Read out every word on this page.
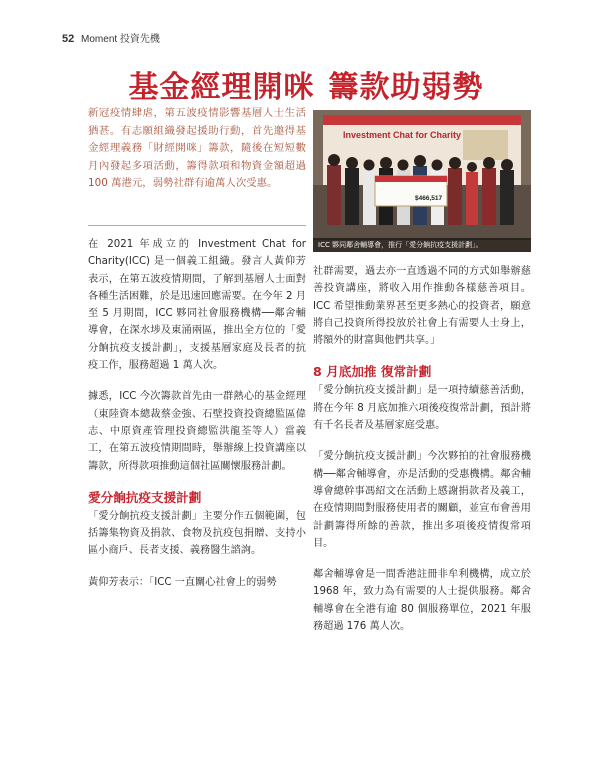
52 Moment 投資先機
基金經理開咪 籌款助弱勢

新冠疫情肆虐，第五波疫情影響基層人士生活猶甚。有志願組織發起援助行動，首先邀得基金經理義務「財經開咪」籌款，隨後在短短數月內發起多項活動，籌得款項和物資金額超過 100 萬港元，弱勢社群有逾萬人次受惠。

Investment Chat for Charity
$466,517
ICC 夥同鄰舍輔導會，推行「愛分餉抗疫支援計劃」。

在 2021 年成立的 Investment Chat for Charity(ICC) 是一個義工組織。發言人黃仰芳表示，在第五波疫情期間，了解到基層人士面對各種生活困難，於是迅速回應需要。在今年 2 月至 5 月期間，ICC 夥同社會服務機構──鄰舍輔導會，在深水埗及東涌兩區，推出全方位的「愛分餉抗疫支援計劃」，支援基層家庭及長者的抗疫工作，服務超過 1 萬人次。

據悉，ICC 今次籌款首先由一群熱心的基金經理（東陸資本總裁蔡金強、石壁投資投資總監區偉志、中原資產管理投資總監洪龍荃等人）當義工，在第五波疫情期間時，舉辦線上投資講座以籌款，所得款項推動這個社區關懷服務計劃。

愛分餉抗疫支援計劃

「愛分餉抗疫支援計劃」主要分作五個範圍，包括籌集物資及捐款、食物及抗疫包捐贈、支持小區小商戶、長者支援、義務醫生諮詢。

黃仰芳表示：「ICC 一直關心社會上的弱勢

社群需要，過去亦一直透過不同的方式如舉辦慈善投資講座，將收入用作推動各樣慈善項目。ICC 希望推動業界甚至更多熱心的投資者，願意將自己投資所得投放於社會上有需要人士身上，將額外的財富與他們共享。」

8 月底加推 復常計劃

「愛分餉抗疫支援計劃」是一項持續慈善活動，將在今年 8 月底加推六項後疫復常計劃，預計將有千名長者及基層家庭受惠。

「愛分餉抗疫支援計劃」今次夥拍的社會服務機構──鄰舍輔導會，亦是活動的受惠機構。鄰舍輔導會總幹事馮紹文在活動上感謝捐款者及義工，在疫情期間對服務使用者的關顧，並宣布會善用計劃籌得所餘的善款，推出多項後疫情復常項目。

鄰舍輔導會是一間香港註冊非牟利機構，成立於 1968 年，致力為有需要的人士提供服務。鄰舍輔導會在全港有逾 80 個服務單位，2021 年服務超過 176 萬人次。
